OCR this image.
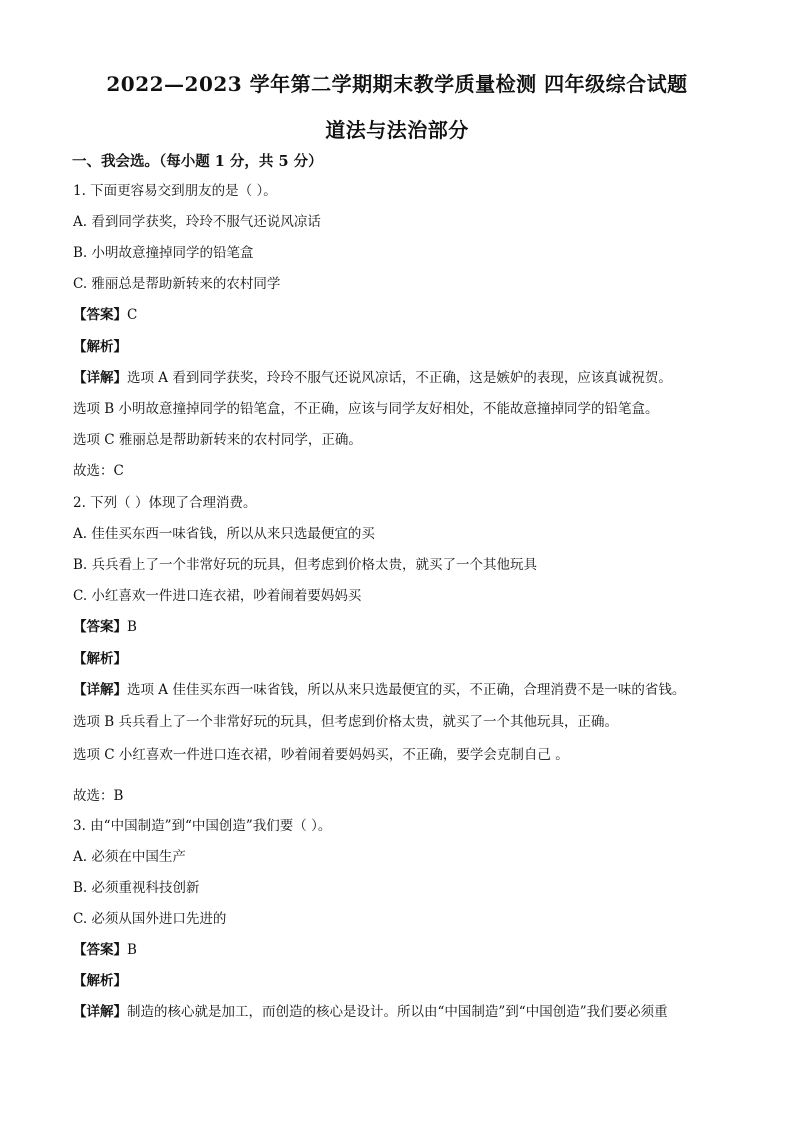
2022—2023 学年第二学期期末教学质量检测 四年级综合试题
道法与法治部分
一、我会选。（每小题 1 分，共 5 分）
1. 下面更容易交到朋友的是（ ）。
A. 看到同学获奖，玲玲不服气还说风凉话
B. 小明故意撞掉同学的铅笔盒
C. 雅丽总是帮助新转来的农村同学
【答案】C
【解析】
【详解】选项 A 看到同学获奖，玲玲不服气还说风凉话，不正确，这是嫉妒的表现，应该真诚祝贺。
选项 B 小明故意撞掉同学的铅笔盒，不正确，应该与同学友好相处，不能故意撞掉同学的铅笔盒。
选项 C 雅丽总是帮助新转来的农村同学，正确。
故选：C
2. 下列（ ）体现了合理消费。
A. 佳佳买东西一味省钱，所以从来只选最便宜的买
B. 兵兵看上了一个非常好玩的玩具，但考虑到价格太贵，就买了一个其他玩具
C. 小红喜欢一件进口连衣裙，吵着闹着要妈妈买
【答案】B
【解析】
【详解】选项 A 佳佳买东西一味省钱，所以从来只选最便宜的买，不正确，合理消费不是一味的省钱。
选项 B 兵兵看上了一个非常好玩的玩具，但考虑到价格太贵，就买了一个其他玩具，正确。
选项 C 小红喜欢一件进口连衣裙，吵着闹着要妈妈买，不正确，要学会克制自己 。
故选：B
3. 由“中国制造”到“中国创造”我们要（ ）。
A. 必须在中国生产
B. 必须重视科技创新
C. 必须从国外进口先进的
【答案】B
【解析】
【详解】制造的核心就是加工，而创造的核心是设计。所以由“中国制造”到“中国创造”我们要必须重
